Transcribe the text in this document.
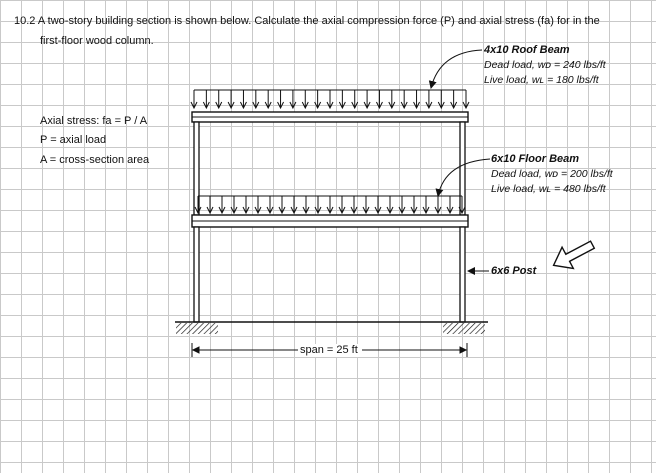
10.2 A two-story building section is shown below. Calculate the axial compression force (P) and axial stress (fa) for in the
first-floor wood column.
Axial stress: fa = P / A
P = axial load
A = cross-section area
span = 25 ft
4x10 Roof Beam
Dead load, wᴅ = 240 lbs/ft
Live load, wʟ = 180 lbs/ft
6x10 Floor Beam
Dead load, wᴅ = 200 lbs/ft
Live load, wʟ = 480 lbs/ft
6x6 Post
